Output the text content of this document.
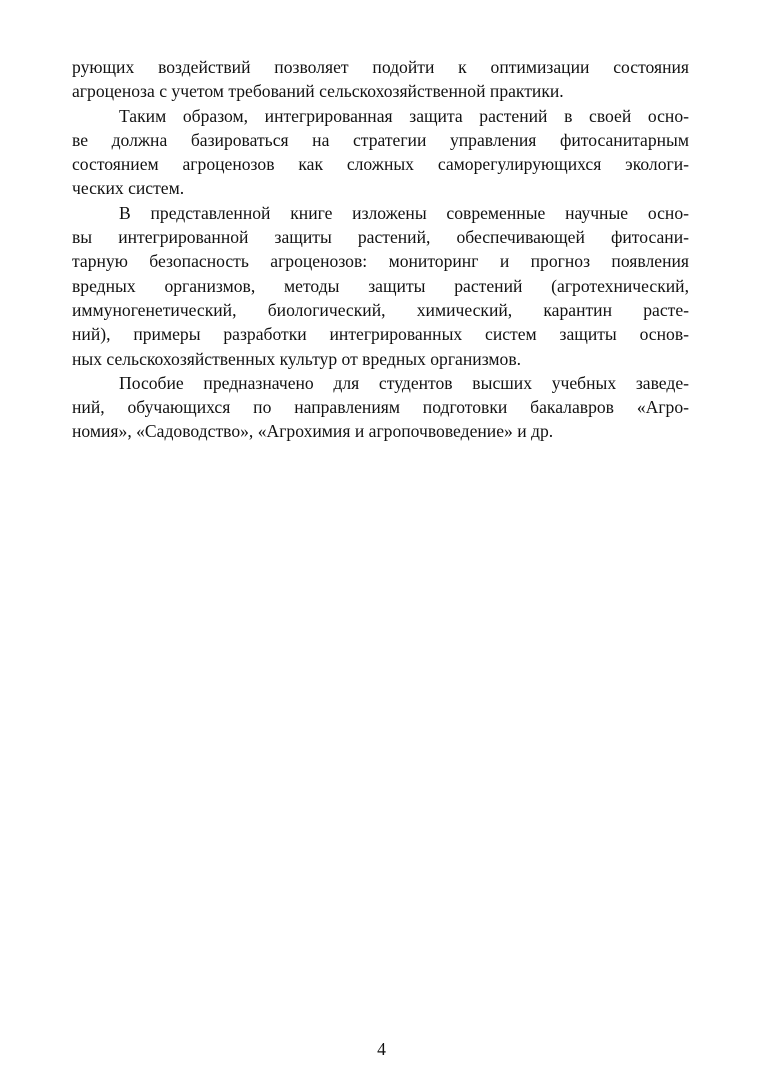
рующих воздействий позволяет подойти к оптимизации состояния
агроценоза с учетом требований сельскохозяйственной практики.
Таким образом, интегрированная защита растений в своей осно-
ве должна базироваться на стратегии управления фитосанитарным
состоянием агроценозов как сложных саморегулирующихся экологи-
ческих систем.
В представленной книге изложены современные научные осно-
вы интегрированной защиты растений, обеспечивающей фитосани-
тарную безопасность агроценозов: мониторинг и прогноз появления
вредных организмов, методы защиты растений (агротехнический,
иммуногенетический, биологический, химический, карантин расте-
ний), примеры разработки интегрированных систем защиты основ-
ных сельскохозяйственных культур от вредных организмов.
Пособие предназначено для студентов высших учебных заведе-
ний, обучающихся по направлениям подготовки бакалавров «Агро-
номия», «Садоводство», «Агрохимия и агропочвоведение» и др.
4
